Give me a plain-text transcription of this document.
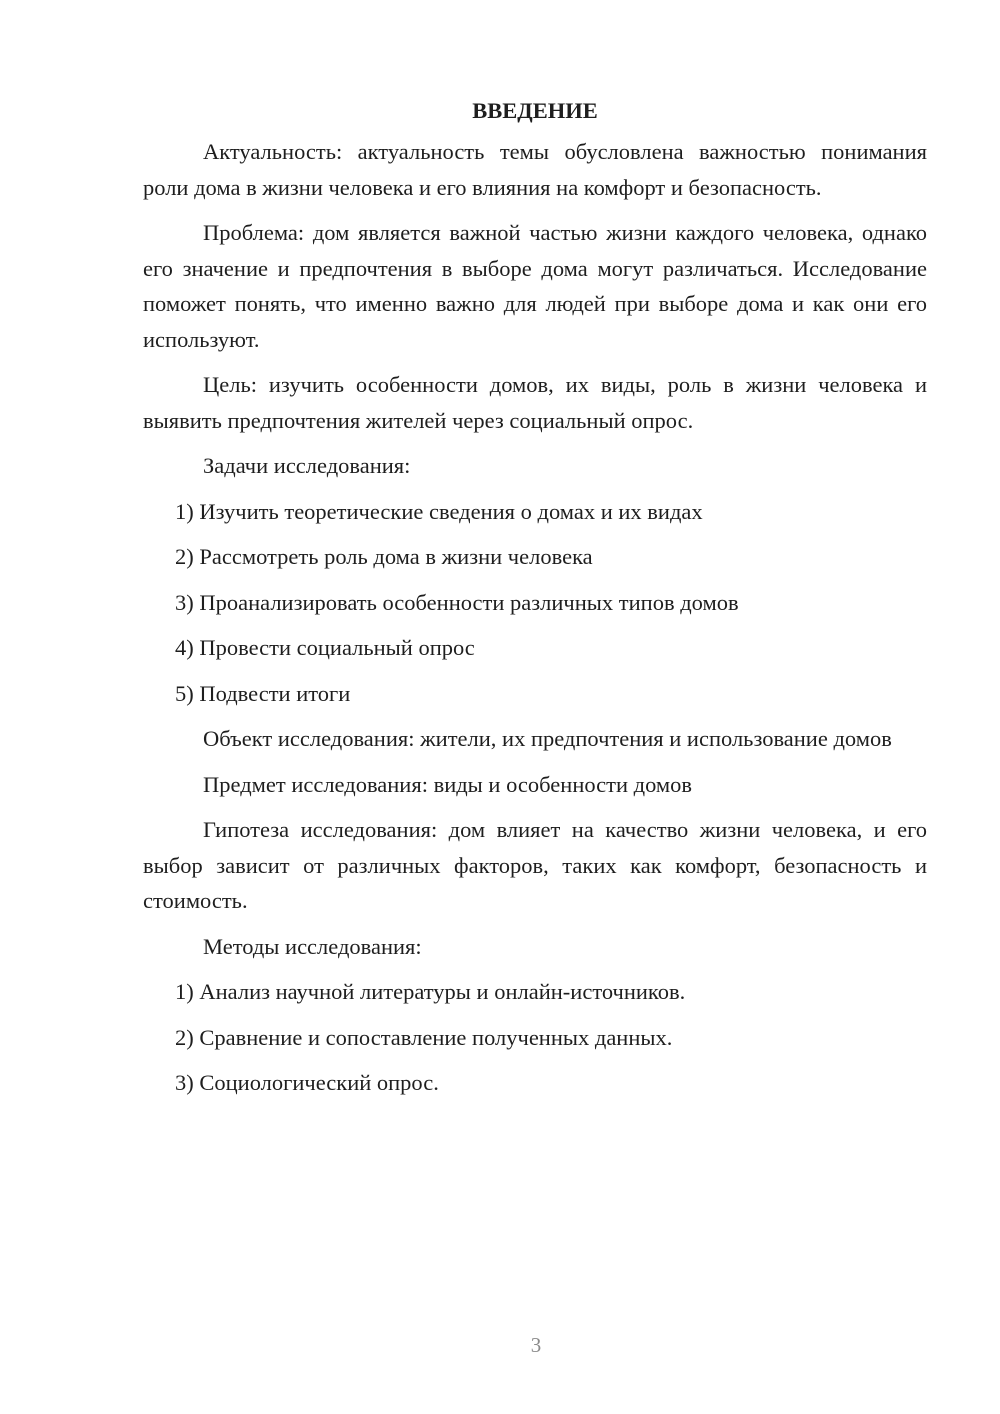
ВВЕДЕНИЕ

Актуальность: актуальность темы обусловлена важностью понимания роли дома в жизни человека и его влияния на комфорт и безопасность.

Проблема: дом является важной частью жизни каждого человека, однако его значение и предпочтения в выборе дома могут различаться. Исследование поможет понять, что именно важно для людей при выборе дома и как они его используют.

Цель: изучить особенности домов, их виды, роль в жизни человека и выявить предпочтения жителей через социальный опрос.

Задачи исследования:

1) Изучить теоретические сведения о домах и их видах
2) Рассмотреть роль дома в жизни человека
3) Проанализировать особенности различных типов домов
4) Провести социальный опрос
5) Подвести итоги

Объект исследования: жители, их предпочтения и использование домов

Предмет исследования: виды и особенности домов

Гипотеза исследования: дом влияет на качество жизни человека, и его выбор зависит от различных факторов, таких как комфорт, безопасность и стоимость.

Методы исследования:

1) Анализ научной литературы и онлайн-источников.
2) Сравнение и сопоставление полученных данных.
3) Социологический опрос.
3
